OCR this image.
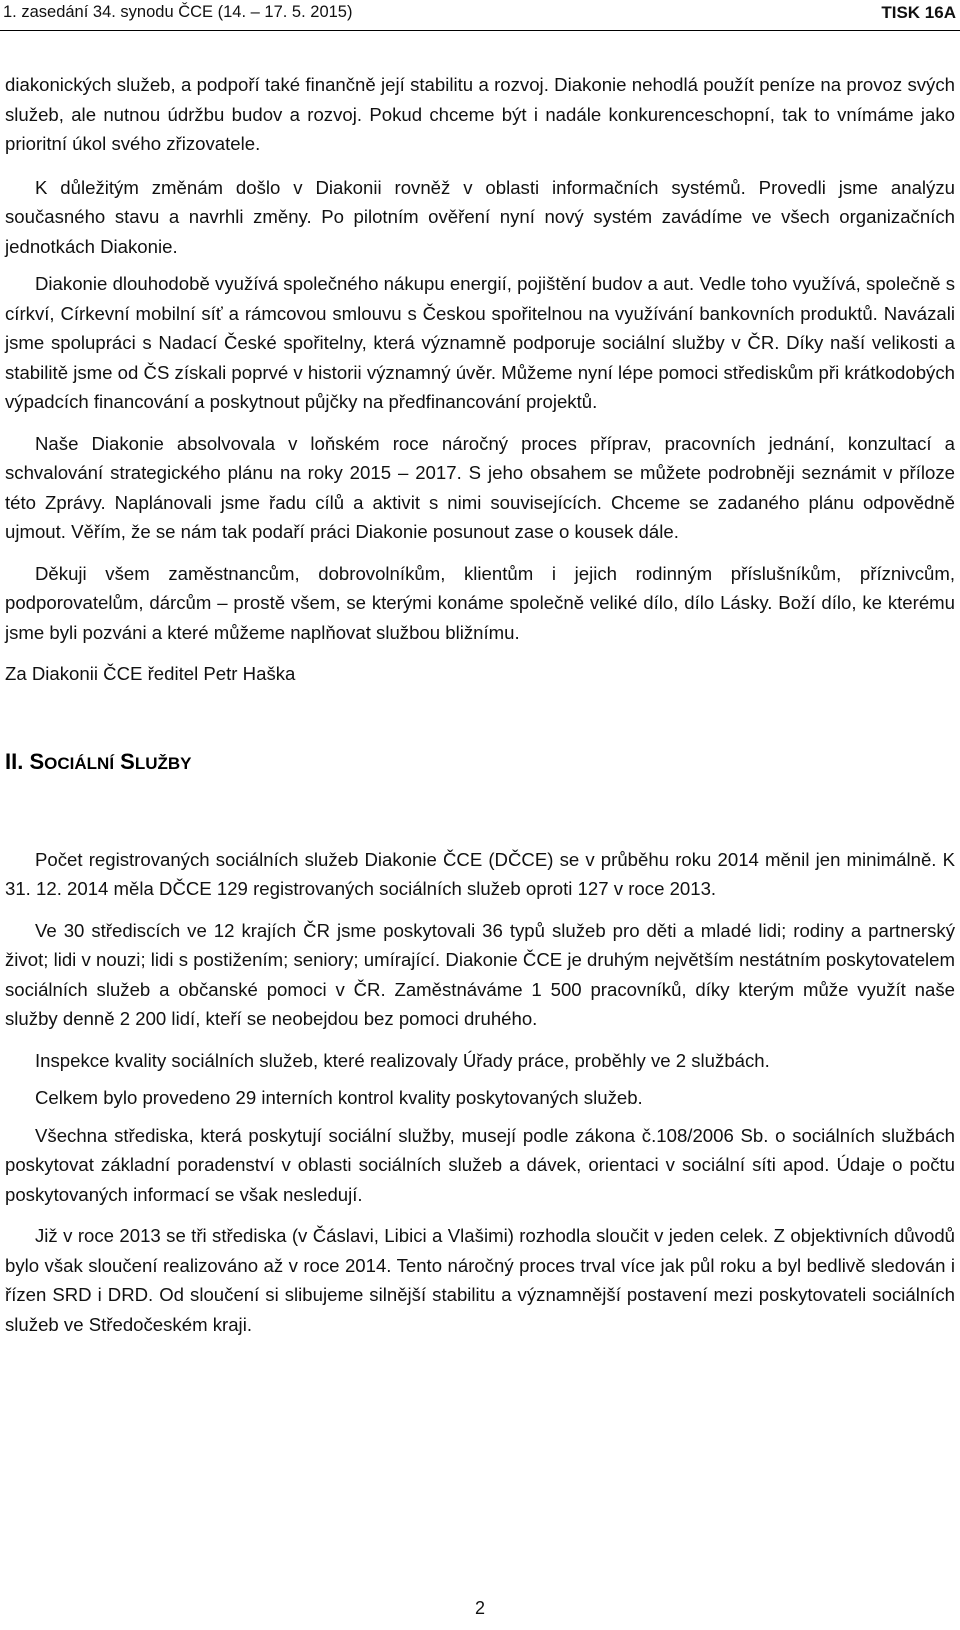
1. zasedání 34. synodu ČCE (14. – 17. 5. 2015)	TISK 16A

diakonických služeb, a podpoří také finančně její stabilitu a rozvoj. Diakonie nehodlá použít peníze na provoz svých služeb, ale nutnou údržbu budov a rozvoj. Pokud chceme být i nadále konkurenceschopní, tak to vnímáme jako prioritní úkol svého zřizovatele.

K důležitým změnám došlo v Diakonii rovněž v oblasti informačních systémů. Provedli jsme analýzu současného stavu a navrhli změny. Po pilotním ověření nyní nový systém zavádíme ve všech organizačních jednotkách Diakonie.

Diakonie dlouhodobě využívá společného nákupu energií, pojištění budov a aut. Vedle toho využívá, společně s církví, Církevní mobilní síť a rámcovou smlouvu s Českou spořitelnou na využívání bankovních produktů. Navázali jsme spolupráci s Nadací České spořitelny, která významně podporuje sociální služby v ČR. Díky naší velikosti a stabilitě jsme od ČS získali poprvé v historii významný úvěr. Můžeme nyní lépe pomoci střediskům při krátkodobých výpadcích financování a poskytnout půjčky na předfinancování projektů.

Naše Diakonie absolvovala v loňském roce náročný proces příprav, pracovních jednání, konzultací a schvalování strategického plánu na roky 2015 – 2017. S jeho obsahem se můžete podrobněji seznámit v příloze této Zprávy. Naplánovali jsme řadu cílů a aktivit s nimi souvisejících. Chceme se zadaného plánu odpovědně ujmout. Věřím, že se nám tak podaří práci Diakonie posunout zase o kousek dále.

Děkuji všem zaměstnancům, dobrovolníkům, klientům i jejich rodinným příslušníkům, příznivcům, podporovatelům, dárcům – prostě všem, se kterými konáme společně veliké dílo, dílo Lásky. Boží dílo, ke kterému jsme byli pozváni a které můžeme naplňovat službou bližnímu.

Za Diakonii ČCE ředitel Petr Haška

II. SOCIÁLNÍ SLUŽBY

Počet registrovaných sociálních služeb Diakonie ČCE (DČCE) se v průběhu roku 2014 měnil jen minimálně. K 31. 12. 2014 měla DČCE 129 registrovaných sociálních služeb oproti 127 v roce 2013.

Ve 30 střediscích ve 12 krajích ČR jsme poskytovali 36 typů služeb pro děti a mladé lidi; rodiny a partnerský život; lidi v nouzi; lidi s postižením; seniory; umírající. Diakonie ČCE je druhým největším nestátním poskytovatelem sociálních služeb a občanské pomoci v ČR. Zaměstnáváme 1 500 pracovníků, díky kterým může využít naše služby denně 2 200 lidí, kteří se neobejdou bez pomoci druhého.

Inspekce kvality sociálních služeb, které realizovaly Úřady práce, proběhly ve 2 službách.

Celkem bylo provedeno 29 interních kontrol kvality poskytovaných služeb.

Všechna střediska, která poskytují sociální služby, musejí podle zákona č.108/2006 Sb. o sociálních službách poskytovat základní poradenství v oblasti sociálních služeb a dávek, orientaci v sociální síti apod. Údaje o počtu poskytovaných informací se však nesledují.

Již v roce 2013 se tři střediska (v Čáslavi, Libici a Vlašimi) rozhodla sloučit v jeden celek. Z objektivních důvodů bylo však sloučení realizováno až v roce 2014. Tento náročný proces trval více jak půl roku a byl bedlivě sledován i řízen SRD i DRD. Od sloučení si slibujeme silnější stabilitu a významnější postavení mezi poskytovateli sociálních služeb ve Středočeském kraji.

2
